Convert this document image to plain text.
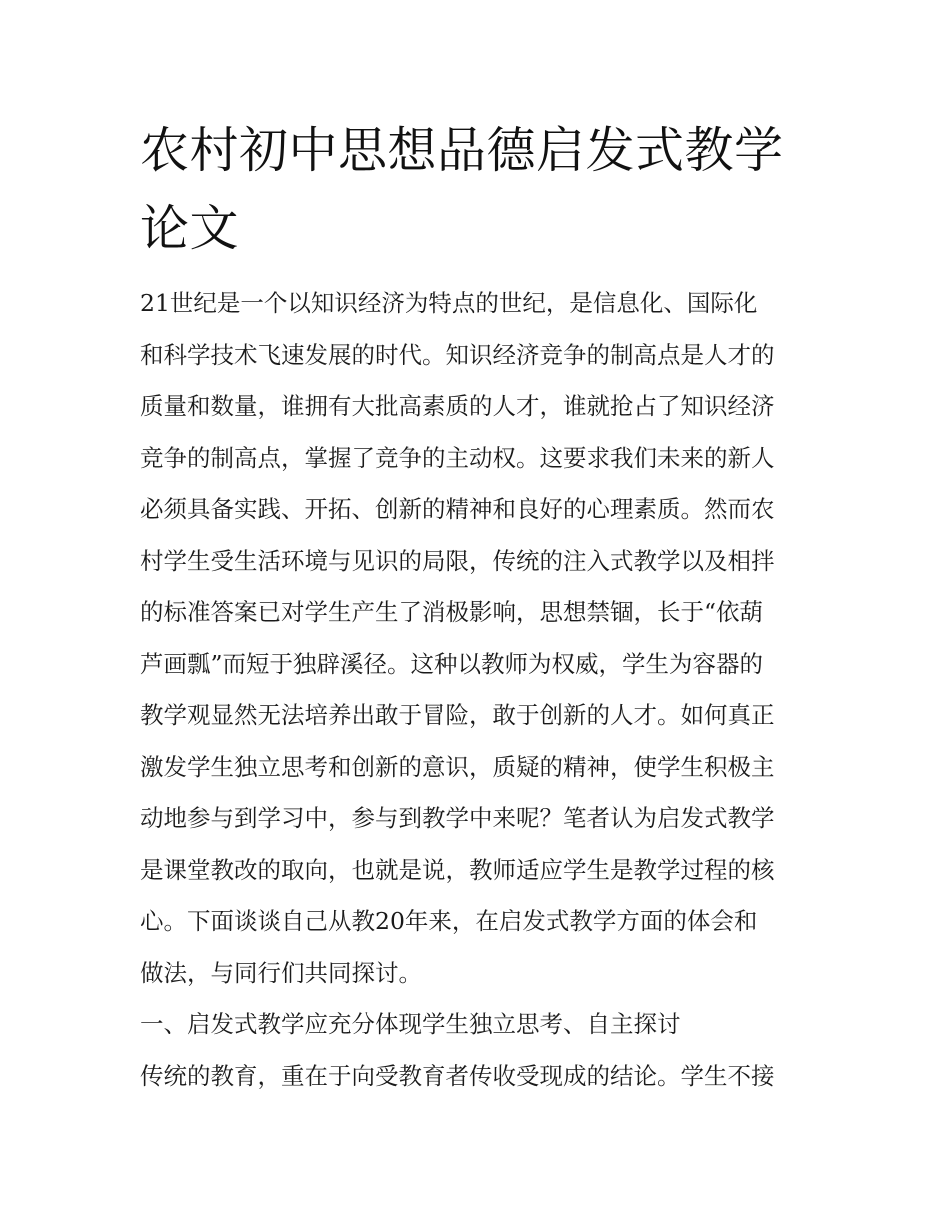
农村初中思想品德启发式教学
论文
21世纪是一个以知识经济为特点的世纪，是信息化、国际化
和科学技术飞速发展的时代。知识经济竞争的制高点是人才的
质量和数量，谁拥有大批高素质的人才，谁就抢占了知识经济
竞争的制高点，掌握了竞争的主动权。这要求我们未来的新人
必须具备实践、开拓、创新的精神和良好的心理素质。然而农
村学生受生活环境与见识的局限，传统的注入式教学以及相拌
的标准答案已对学生产生了消极影响，思想禁锢，长于“依葫
芦画瓢”而短于独辟溪径。这种以教师为权威，学生为容器的
教学观显然无法培养出敢于冒险，敢于创新的人才。如何真正
激发学生独立思考和创新的意识，质疑的精神，使学生积极主
动地参与到学习中，参与到教学中来呢？笔者认为启发式教学
是课堂教改的取向，也就是说，教师适应学生是教学过程的核
心。下面谈谈自己从教20年来，在启发式教学方面的体会和
做法，与同行们共同探讨。
一、启发式教学应充分体现学生独立思考、自主探讨
传统的教育，重在于向受教育者传收受现成的结论。学生不接
